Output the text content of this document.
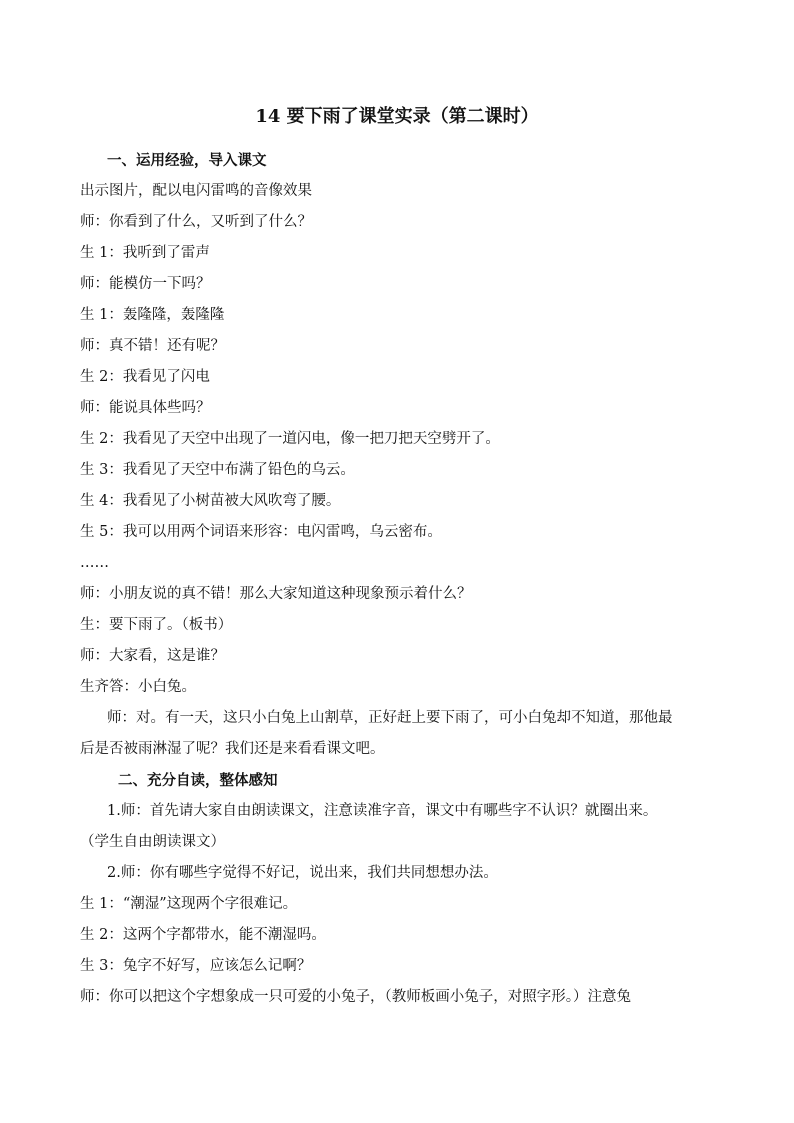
14 要下雨了课堂实录（第二课时）
一、运用经验，导入课文
出示图片，配以电闪雷鸣的音像效果
师：你看到了什么，又听到了什么？
生 1：我听到了雷声
师：能模仿一下吗？
生 1：轰隆隆，轰隆隆
师：真不错！还有呢？
生 2：我看见了闪电
师：能说具体些吗？
生 2：我看见了天空中出现了一道闪电，像一把刀把天空劈开了。
生 3：我看见了天空中布满了铅色的乌云。
生 4：我看见了小树苗被大风吹弯了腰。
生 5：我可以用两个词语来形容：电闪雷鸣，乌云密布。
……
师：小朋友说的真不错！那么大家知道这种现象预示着什么？
生：要下雨了。（板书）
师：大家看，这是谁？
生齐答：小白兔。
师：对。有一天，这只小白兔上山割草，正好赶上要下雨了，可小白兔却不知道，那他最
后是否被雨淋湿了呢？我们还是来看看课文吧。
二、充分自读，整体感知
1.师：首先请大家自由朗读课文，注意读准字音，课文中有哪些字不认识？就圈出来。
（学生自由朗读课文）
2.师：你有哪些字觉得不好记，说出来，我们共同想想办法。
生 1：“潮湿”这现两个字很难记。
生 2：这两个字都带水，能不潮湿吗。
生 3：兔字不好写，应该怎么记啊？
师：你可以把这个字想象成一只可爱的小兔子，（教师板画小兔子，对照字形。）注意兔
